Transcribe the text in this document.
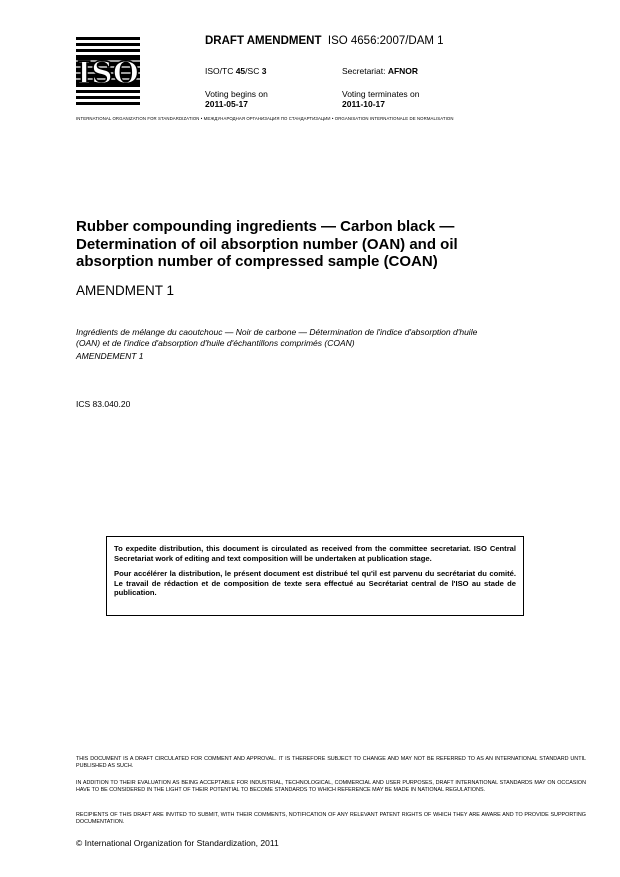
ISO
DRAFT AMENDMENT ISO 4656:2007/DAM 1
ISO/TC 45/SC 3	Secretariat: AFNOR
Voting begins on
2011-05-17
Voting terminates on
2011-10-17
INTERNATIONAL ORGANIZATION FOR STANDARDIZATION • МЕЖДУНАРОДНАЯ ОРГАНИЗАЦИЯ ПО СТАНДАРТИЗАЦИИ • ORGANISATION INTERNATIONALE DE NORMALISATION
Rubber compounding ingredients — Carbon black —
Determination of oil absorption number (OAN) and oil
absorption number of compressed sample (COAN)
AMENDMENT 1
Ingrédients de mélange du caoutchouc — Noir de carbone — Détermination de l'indice d'absorption d'huile
(OAN) et de l'indice d'absorption d'huile d'échantillons comprimés (COAN)
AMENDEMENT 1
ICS 83.040.20

To expedite distribution, this document is circulated as received from the committee secretariat. ISO Central Secretariat work of editing and text composition will be undertaken at publication stage.

Pour accélérer la distribution, le présent document est distribué tel qu'il est parvenu du secrétariat du comité. Le travail de rédaction et de composition de texte sera effectué au Secrétariat central de l'ISO au stade de publication.

THIS DOCUMENT IS A DRAFT CIRCULATED FOR COMMENT AND APPROVAL. IT IS THEREFORE SUBJECT TO CHANGE AND MAY NOT BE REFERRED TO AS AN INTERNATIONAL STANDARD UNTIL PUBLISHED AS SUCH.
IN ADDITION TO THEIR EVALUATION AS BEING ACCEPTABLE FOR INDUSTRIAL, TECHNOLOGICAL, COMMERCIAL AND USER PURPOSES, DRAFT INTERNATIONAL STANDARDS MAY ON OCCASION HAVE TO BE CONSIDERED IN THE LIGHT OF THEIR POTENTIAL TO BECOME STANDARDS TO WHICH REFERENCE MAY BE MADE IN NATIONAL REGULATIONS.
RECIPIENTS OF THIS DRAFT ARE INVITED TO SUBMIT, WITH THEIR COMMENTS, NOTIFICATION OF ANY RELEVANT PATENT RIGHTS OF WHICH THEY ARE AWARE AND TO PROVIDE SUPPORTING DOCUMENTATION.
© International Organization for Standardization, 2011
